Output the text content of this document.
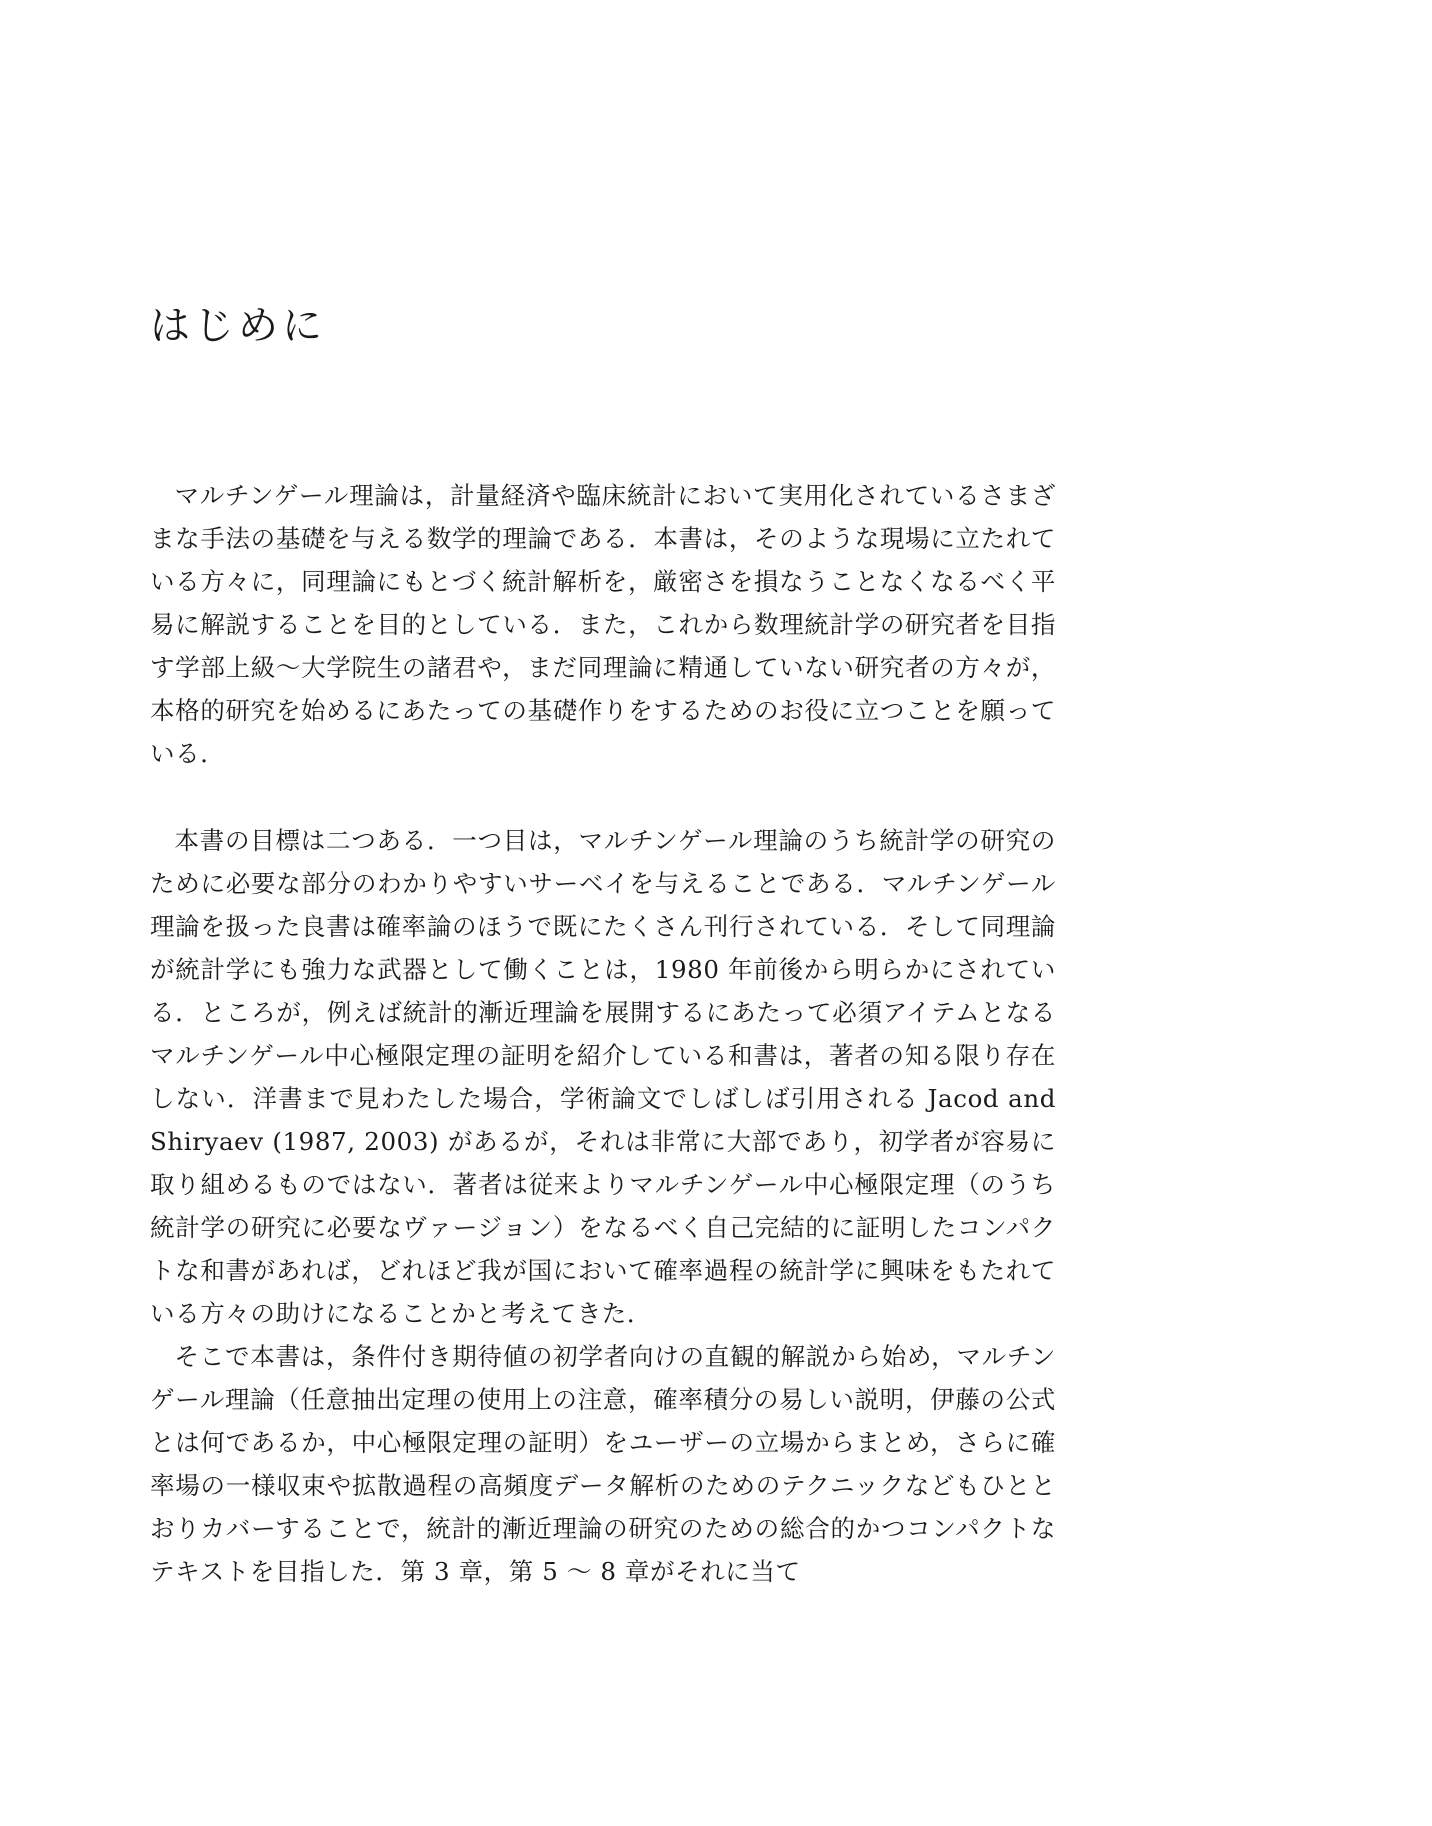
はじめに

マルチンゲール理論は，計量経済や臨床統計において実用化されているさまざまな手法の基礎を与える数学的理論である．本書は，そのような現場に立たれている方々に，同理論にもとづく統計解析を，厳密さを損なうことなくなるべく平易に解説することを目的としている．また，これから数理統計学の研究者を目指す学部上級〜大学院生の諸君や，まだ同理論に精通していない研究者の方々が，本格的研究を始めるにあたっての基礎作りをするためのお役に立つことを願っている．

本書の目標は二つある．一つ目は，マルチンゲール理論のうち統計学の研究のために必要な部分のわかりやすいサーベイを与えることである．マルチンゲール理論を扱った良書は確率論のほうで既にたくさん刊行されている．そして同理論が統計学にも強力な武器として働くことは，1980 年前後から明らかにされている．ところが，例えば統計的漸近理論を展開するにあたって必須アイテムとなるマルチンゲール中心極限定理の証明を紹介している和書は，著者の知る限り存在しない．洋書まで見わたした場合，学術論文でしばしば引用される Jacod and Shiryaev (1987, 2003) があるが，それは非常に大部であり，初学者が容易に取り組めるものではない．著者は従来よりマルチンゲール中心極限定理（のうち統計学の研究に必要なヴァージョン）をなるべく自己完結的に証明したコンパクトな和書があれば，どれほど我が国において確率過程の統計学に興味をもたれている方々の助けになることかと考えてきた．

そこで本書は，条件付き期待値の初学者向けの直観的解説から始め，マルチンゲール理論（任意抽出定理の使用上の注意，確率積分の易しい説明，伊藤の公式とは何であるか，中心極限定理の証明）をユーザーの立場からまとめ，さらに確率場の一様収束や拡散過程の高頻度データ解析のためのテクニックなどもひととおりカバーすることで，統計的漸近理論の研究のための総合的かつコンパクトなテキストを目指した．第 3 章，第 5 〜 8 章がそれに当て
